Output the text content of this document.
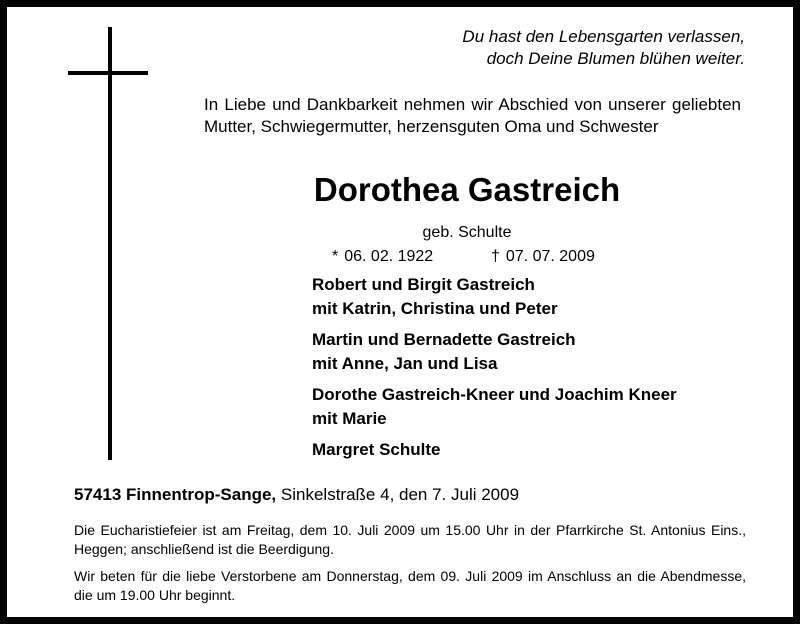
Du hast den Lebensgarten verlassen,
doch Deine Blumen blühen weiter.
In Liebe und Dankbarkeit nehmen wir Abschied von unserer geliebten Mutter, Schwiegermutter, herzensguten Oma und Schwester
Dorothea Gastreich
geb. Schulte
* 06. 02. 1922	† 07. 07. 2009
Robert und Birgit Gastreich
mit Katrin, Christina und Peter
Martin und Bernadette Gastreich
mit Anne, Jan und Lisa
Dorothe Gastreich-Kneer und Joachim Kneer
mit Marie
Margret Schulte
57413 Finnentrop-Sange, Sinkelstraße 4, den 7. Juli 2009
Die Eucharistiefeier ist am Freitag, dem 10. Juli 2009 um 15.00 Uhr in der Pfarrkirche St. Antonius Eins., Heggen; anschließend ist die Beerdigung.
Wir beten für die liebe Verstorbene am Donnerstag, dem 09. Juli 2009 im Anschluss an die Abendmesse, die um 19.00 Uhr beginnt.
